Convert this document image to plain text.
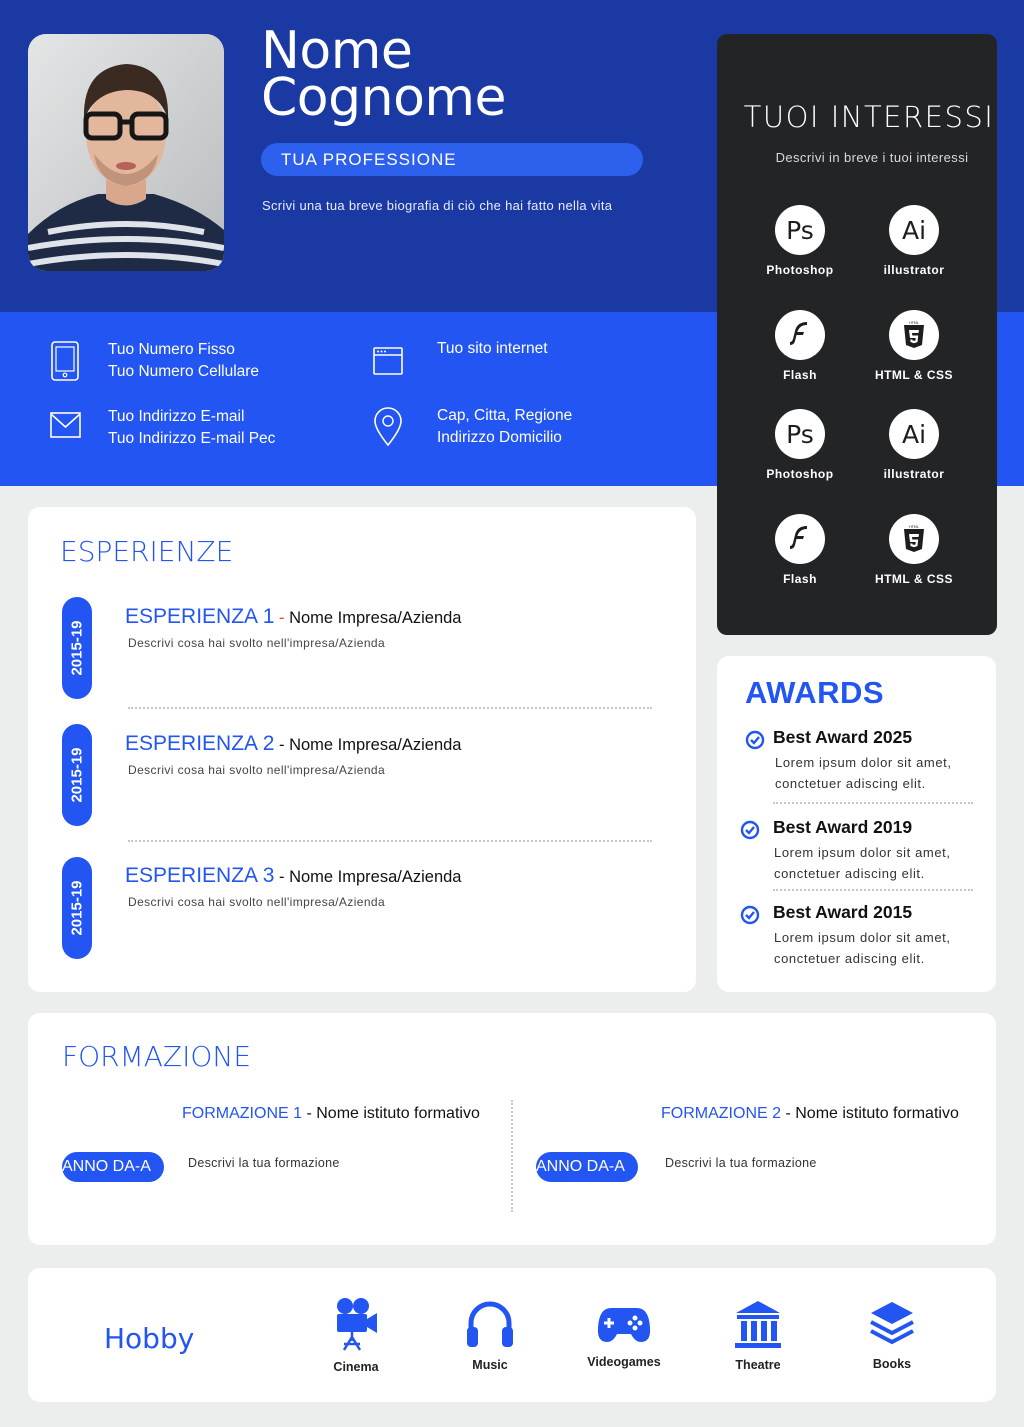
Nome
Cognome
TUA PROFESSIONE
Scrivi una tua breve biografia di ciò che hai fatto nella vita
Tuo Numero Fisso
Tuo Numero Cellulare
Tuo sito internet
Tuo Indirizzo E-mail
Tuo Indirizzo E-mail Pec
Cap, Citta, Regione
Indirizzo Domicilio
TUOI INTERESSI
Descrivi in breve i tuoi interessi
Ps
Photoshop
Ai
illustrator
Flash
HTML
HTML & CSS
Ps
Photoshop
Ai
illustrator
Flash
HTML
HTML & CSS
ESPERIENZE
2015-19
ESPERIENZA 1 - Nome Impresa/Azienda
Descrivi cosa hai svolto nell'impresa/Azienda
2015-19
ESPERIENZA 2 - Nome Impresa/Azienda
Descrivi cosa hai svolto nell'impresa/Azienda
2015-19
ESPERIENZA 3 - Nome Impresa/Azienda
Descrivi cosa hai svolto nell'impresa/Azienda
AWARDS
Best Award 2025
Lorem ipsum dolor sit amet, conctetuer adiscing elit.
Best Award 2019
Lorem ipsum dolor sit amet, conctetuer adiscing elit.
Best Award 2015
Lorem ipsum dolor sit amet, conctetuer adiscing elit.
FORMAZIONE
FORMAZIONE 1 - Nome istituto formativo
ANNO DA-A	Descrivi la tua formazione
FORMAZIONE 2 - Nome istituto formativo
ANNO DA-A	Descrivi la tua formazione
Hobby
Cinema	Music	Videogames	Theatre	Books
